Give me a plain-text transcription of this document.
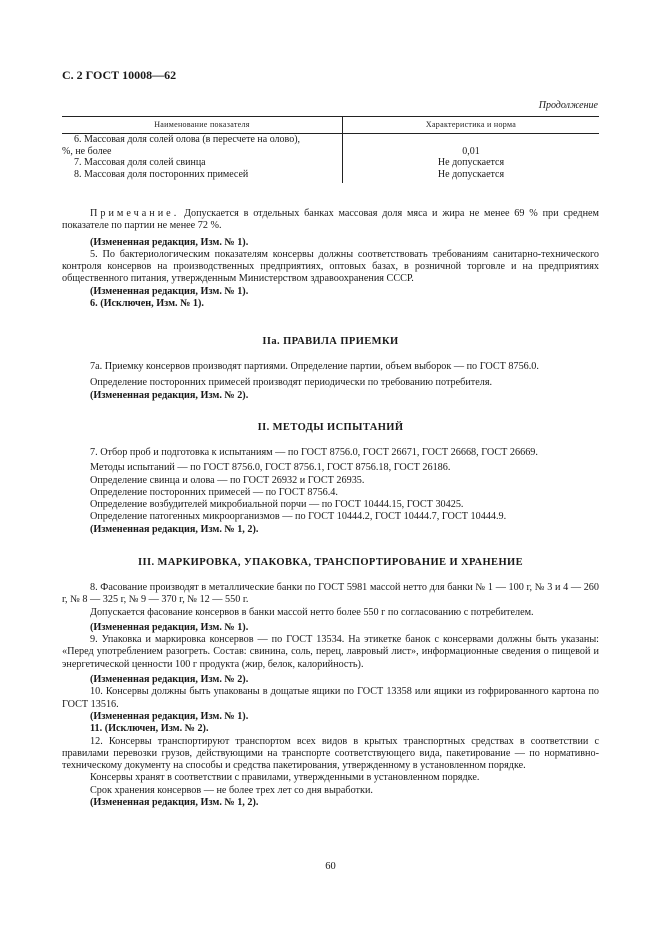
С. 2 ГОСТ 10008—62
Продолжение
Наименование показателя	Характеристика и норма

6. Массовая доля солей олова (в пересчете на олово),
%, не более	0,01
7. Массовая доля солей свинца	Не допускается
8. Массовая доля посторонних примесей	Не допускается

Примечание. Допускается в отдельных банках массовая доля мяса и жира не менее 69 % при среднем показателе по партии не менее 72 %.

(Измененная редакция, Изм. № 1).

5. По бактериологическим показателям консервы должны соответствовать требованиям санитарно-технического контроля консервов на производственных предприятиях, оптовых базах, в розничной торговле и на предприятиях общественного питания, утвержденным Министерством здравоохранения СССР.

(Измененная редакция, Изм. № 1).

6. (Исключен, Изм. № 1).

IIа. ПРАВИЛА ПРИЕМКИ

7а. Приемку консервов производят партиями. Определение партии, объем выборок — по ГОСТ 8756.0.

Определение посторонних примесей производят периодически по требованию потребителя.

(Измененная редакция, Изм. № 2).

II. МЕТОДЫ ИСПЫТАНИЙ

7. Отбор проб и подготовка к испытаниям — по ГОСТ 8756.0, ГОСТ 26671, ГОСТ 26668, ГОСТ 26669.

Методы испытаний — по ГОСТ 8756.0, ГОСТ 8756.1, ГОСТ 8756.18, ГОСТ 26186.

Определение свинца и олова — по ГОСТ 26932 и ГОСТ 26935.

Определение посторонних примесей — по ГОСТ 8756.4.

Определение возбудителей микробиальной порчи — по ГОСТ 10444.15, ГОСТ 30425.

Определение патогенных микроорганизмов — по ГОСТ 10444.2, ГОСТ 10444.7, ГОСТ 10444.9.

(Измененная редакция, Изм. № 1, 2).

III. МАРКИРОВКА, УПАКОВКА, ТРАНСПОРТИРОВАНИЕ И ХРАНЕНИЕ

8. Фасование производят в металлические банки по ГОСТ 5981 массой нетто для банки № 1 — 100 г, № 3 и 4 — 260 г, № 8 — 325 г, № 9 — 370 г, № 12 — 550 г.

Допускается фасование консервов в банки массой нетто более 550 г по согласованию с потребителем.

(Измененная редакция, Изм. № 1).

9. Упаковка и маркировка консервов — по ГОСТ 13534. На этикетке банок с консервами должны быть указаны: «Перед употреблением разогреть. Состав: свинина, соль, перец, лавровый лист», информационные сведения о пищевой и энергетической ценности 100 г продукта (жир, белок, калорийность).

(Измененная редакция, Изм. № 2).

10. Консервы должны быть упакованы в дощатые ящики по ГОСТ 13358 или ящики из гофрированного картона по ГОСТ 13516.

(Измененная редакция, Изм. № 1).

11. (Исключен, Изм. № 2).

12. Консервы транспортируют транспортом всех видов в крытых транспортных средствах в соответствии с правилами перевозки грузов, действующими на транспорте соответствующего вида, пакетирование — по нормативно-техническому документу на способы и средства пакетирования, утвержденному в установленном порядке.

Консервы хранят в соответствии с правилами, утвержденными в установленном порядке.

Срок хранения консервов — не более трех лет со дня выработки.

(Измененная редакция, Изм. № 1, 2).

60
